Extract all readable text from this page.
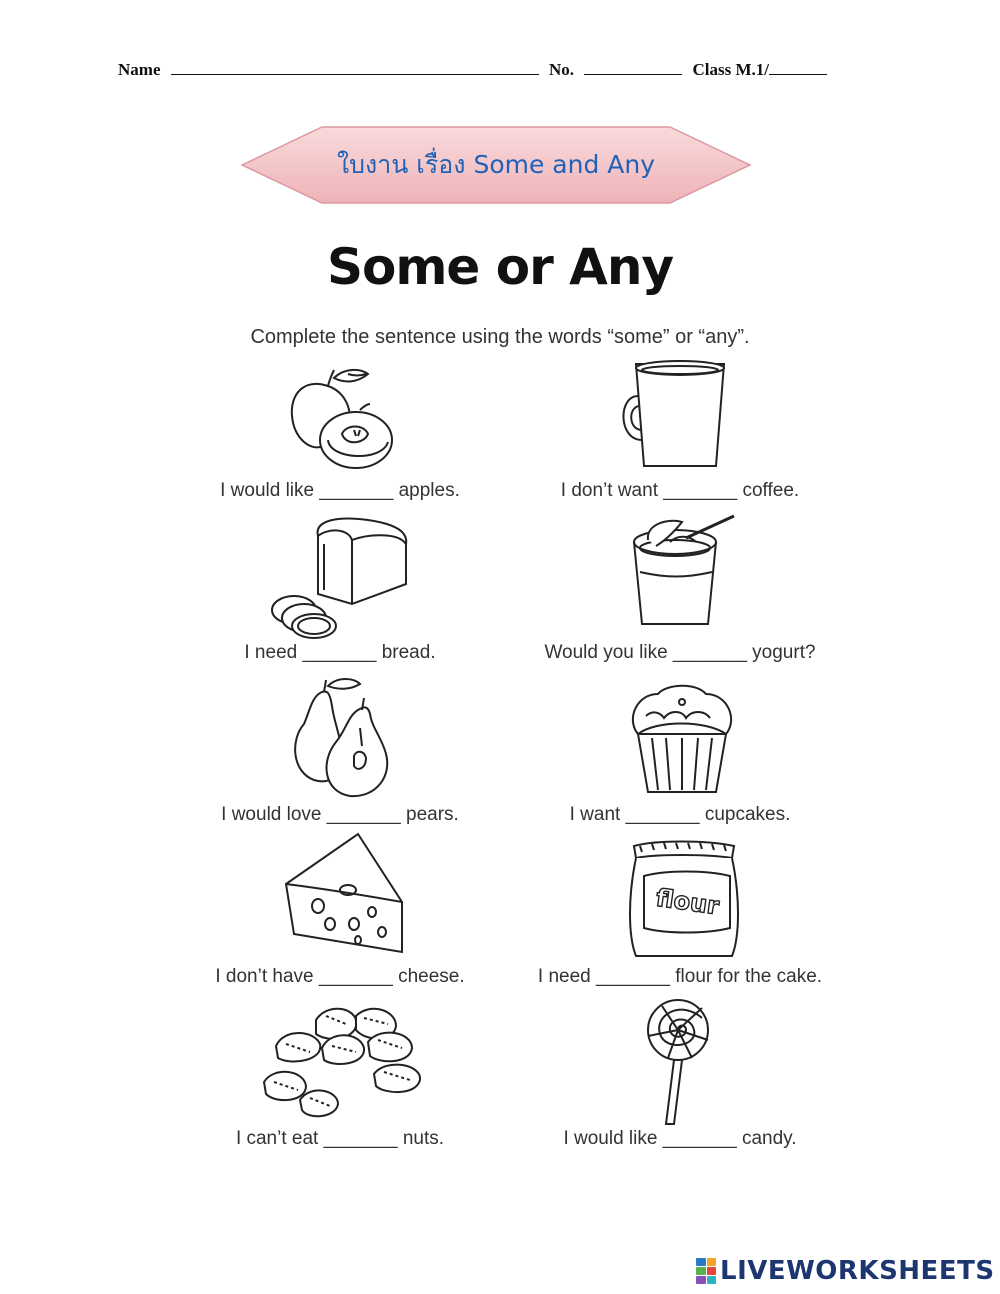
Name	No.	Class M.1/
ใบงาน เรื่อง Some and Any
Some or Any
Complete the sentence using the words “some” or “any”.
I would like _______ apples.	I don’t want _______ coffee.
I need _______ bread.	Would you like _______ yogurt?
I would love _______ pears.	I want _______ cupcakes.
I don’t have _______ cheese.
flour
I need _______ flour for the cake.
I can’t eat _______ nuts.	I would like _______ candy.
LIVEWORKSHEETS
